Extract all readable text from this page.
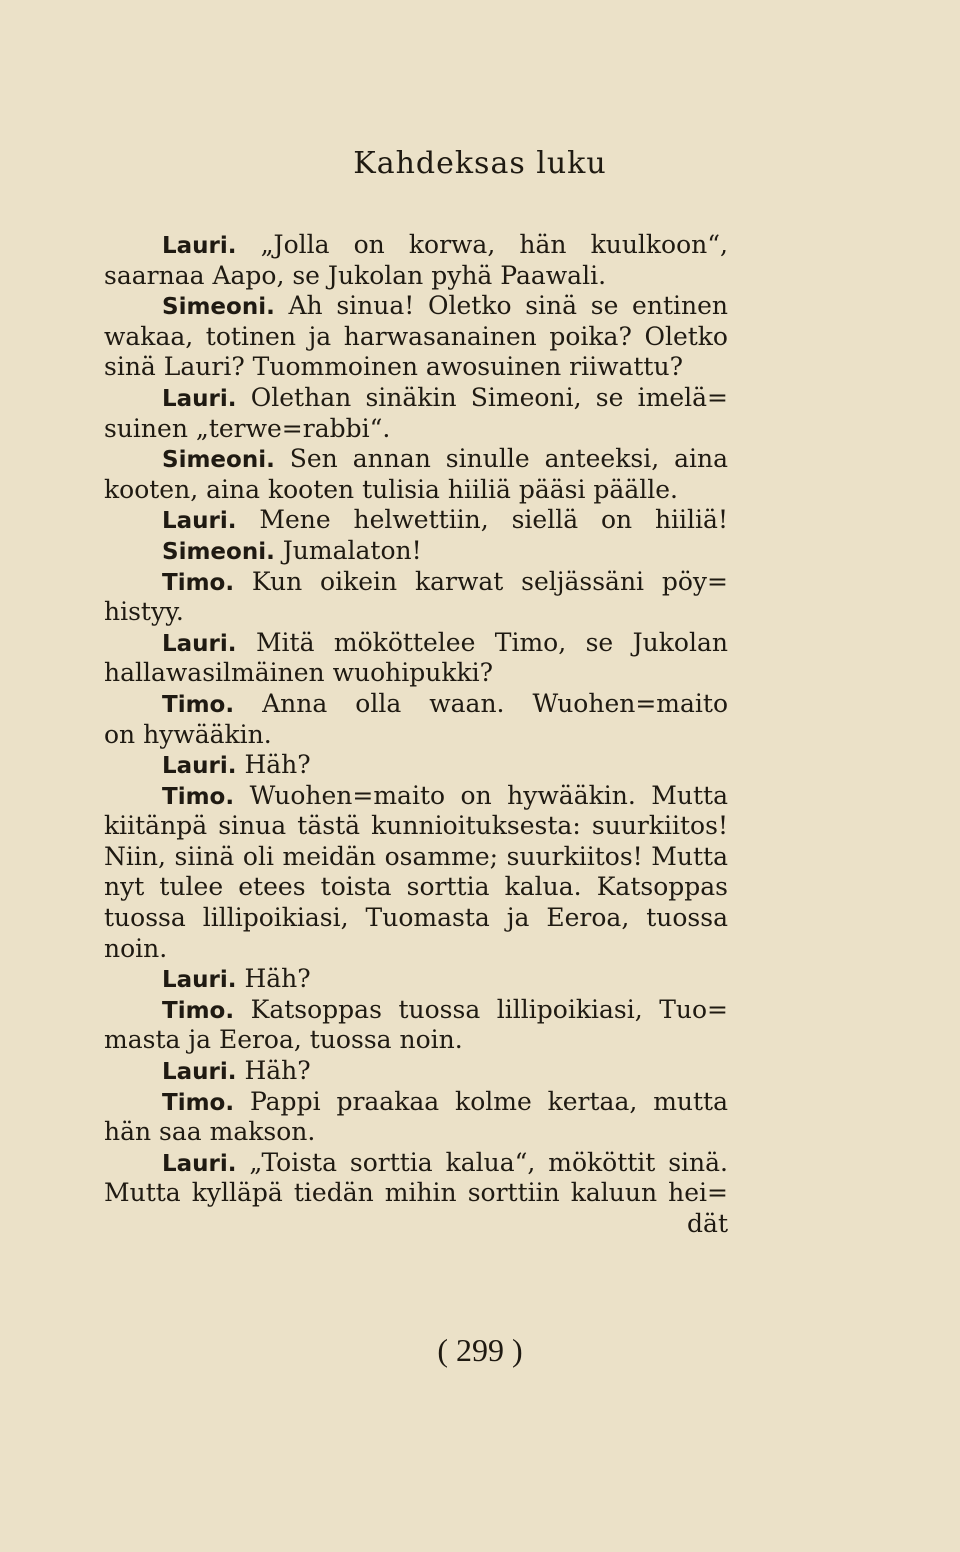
Kahdeksas luku
Lauri. „Jolla on korwa, hän kuulkoon“,
saarnaa Aapo, se Jukolan pyhä Paawali.
Simeoni. Ah sinua! Oletko sinä se entinen
wakaa, totinen ja harwasanainen poika? Oletko
sinä Lauri? Tuommoinen awosuinen riiwattu?
Lauri. Olethan sinäkin Simeoni, se imelä=
suinen „terwe=rabbi“.
Simeoni. Sen annan sinulle anteeksi, aina
kooten, aina kooten tulisia hiiliä pääsi päälle.
Lauri. Mene helwettiin, siellä on hiiliä!
Simeoni. Jumalaton!
Timo. Kun oikein karwat seljässäni pöy=
histyy.
Lauri. Mitä mököttelee Timo, se Jukolan
hallawasilmäinen wuohipukki?
Timo. Anna olla waan. Wuohen=maito
on hywääkin.
Lauri. Häh?
Timo. Wuohen=maito on hywääkin. Mutta
kiitänpä sinua tästä kunnioituksesta: suurkiitos!
Niin, siinä oli meidän osamme; suurkiitos! Mutta
nyt tulee etees toista sorttia kalua. Katsoppas
tuossa lillipoikiasi, Tuomasta ja Eeroa, tuossa
noin.
Lauri. Häh?
Timo. Katsoppas tuossa lillipoikiasi, Tuo=
masta ja Eeroa, tuossa noin.
Lauri. Häh?
Timo. Pappi praakaa kolme kertaa, mutta
hän saa makson.
Lauri. „Toista sorttia kalua“, mököttit sinä.
Mutta kylläpä tiedän mihin sorttiin kaluun hei=
dät
( 299 )
